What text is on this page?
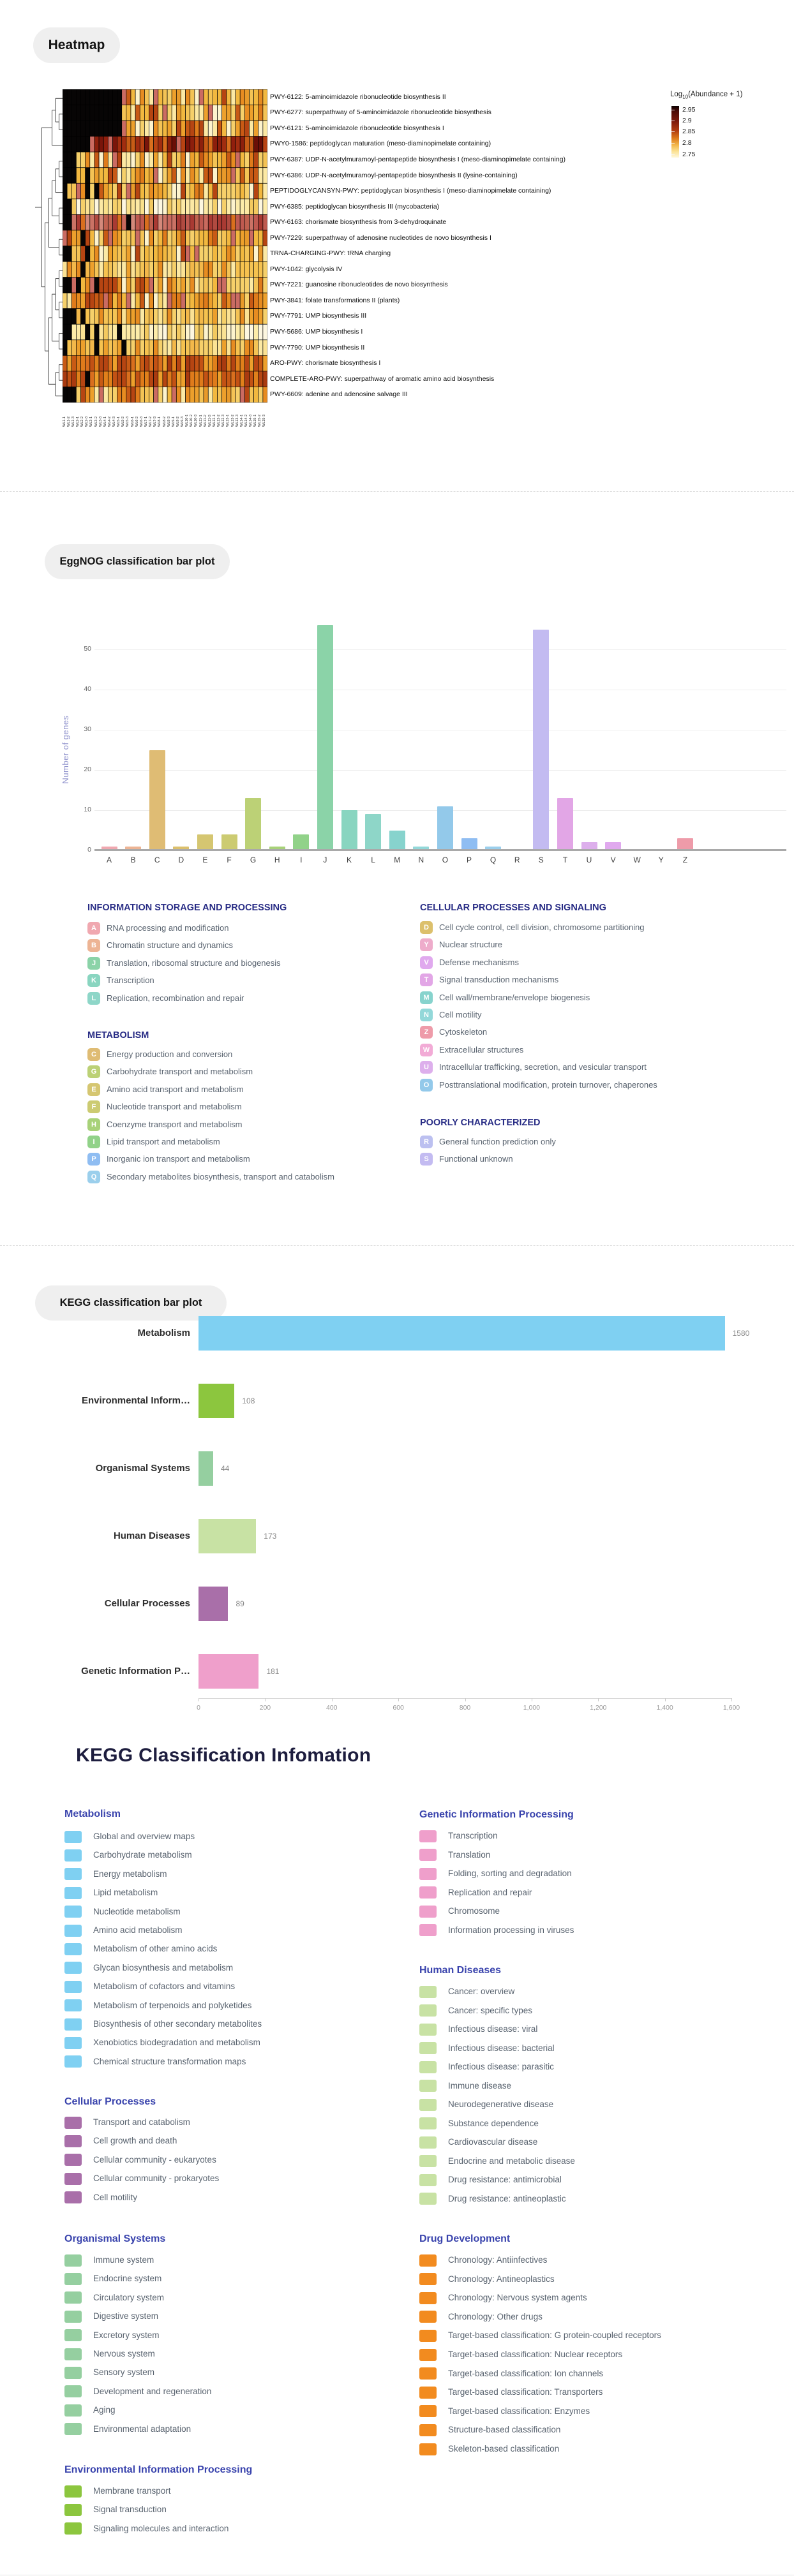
Heatmap
PWY-6122: 5-aminoimidazole ribonucleotide biosynthesis II
PWY-6277: superpathway of 5-aminoimidazole ribonucleotide biosynthesis
PWY-6121: 5-aminoimidazole ribonucleotide biosynthesis I
PWY0-1586: peptidoglycan maturation (meso-diaminopimelate containing)
PWY-6387: UDP-N-acetylmuramoyl-pentapeptide biosynthesis I (meso-diaminopimelate containing)
PWY-6386: UDP-N-acetylmuramoyl-pentapeptide biosynthesis II (lysine-containing)
PEPTIDOGLYCANSYN-PWY: peptidoglycan biosynthesis I (meso-diaminopimelate containing)
PWY-6385: peptidoglycan biosynthesis III (mycobacteria)
PWY-6163: chorismate biosynthesis from 3-dehydroquinate
PWY-7229: superpathway of adenosine nucleotides de novo biosynthesis I
TRNA-CHARGING-PWY: tRNA charging
PWY-1042: glycolysis IV
PWY-7221: guanosine ribonucleotides de novo biosynthesis
PWY-3841: folate transformations II (plants)
PWY-7791: UMP biosynthesis III
PWY-5686: UMP biosynthesis I
PWY-7790: UMP biosynthesis II
ARO-PWY: chorismate biosynthesis I
COMPLETE-ARO-PWY: superpathway of aromatic amino acid biosynthesis
PWY-6609: adenine and adenosine salvage III
WL1-1 WL1-2 WL1-3 WL2-1 WL2-2 WL2-3 WL3-1 WL3-2 WL3-3 WL4-1 WL4-2 WL4-3 WL5-1 WL5-2 WL5-3 WL6-1 WL6-2 WL6-3 WL7-1 WL7-2 WL7-3 WL8-1 WL8-2 WL8-3 WL9-1 WL9-2 WL9-3 WL10-1 WL10-2 WL10-3 WL11-1 WL11-2 WL11-3 WL12-1 WL12-2 WL12-3 WL13-1 WL13-2 WL13-3 WL14-1 WL14-2 WL14-3 WL15-1 WL15-2 WL15-3
Log$_{10}$(Abundance + 1)
2.95
2.9
2.85
2.8
2.75
EggNOG classification bar plot
Number of genes
0
10
20
30
40
50
A	B	C	D	E	F	G	H	I	J	K	L	M	N	O	P	Q	R	S	T	U	V	W	Y	Z
INFORMATION STORAGE AND PROCESSING
A	RNA processing and modification
B	Chromatin structure and dynamics
J	Translation, ribosomal structure and biogenesis
K	Transcription
L	Replication, recombination and repair
METABOLISM
C	Energy production and conversion
G	Carbohydrate transport and metabolism
E	Amino acid transport and metabolism
F	Nucleotide transport and metabolism
H	Coenzyme transport and metabolism
I	Lipid transport and metabolism
P	Inorganic ion transport and metabolism
Q	Secondary metabolites biosynthesis, transport and catabolism
CELLULAR PROCESSES AND SIGNALING
D	Cell cycle control, cell division, chromosome partitioning
Y	Nuclear structure
V	Defense mechanisms
T	Signal transduction mechanisms
M	Cell wall/membrane/envelope biogenesis
N	Cell motility
Z	Cytoskeleton
W	Extracellular structures
U	Intracellular trafficking, secretion, and vesicular transport
O	Posttranslational modification, protein turnover, chaperones
POORLY CHARACTERIZED
R	General function prediction only
S	Functional unknown
KEGG classification bar plot
Metabolism	1580
Environmental Inform…	108
Organismal Systems	44
Human Diseases	173
Cellular Processes	89
Genetic Information P…	181
0	200	400	600	800	1,000	1,200	1,400	1,600
KEGG Classification Infomation
Metabolism
Global and overview maps
Carbohydrate metabolism
Energy metabolism
Lipid metabolism
Nucleotide metabolism
Amino acid metabolism
Metabolism of other amino acids
Glycan biosynthesis and metabolism
Metabolism of cofactors and vitamins
Metabolism of terpenoids and polyketides
Biosynthesis of other secondary metabolites
Xenobiotics biodegradation and metabolism
Chemical structure transformation maps
Cellular Processes
Transport and catabolism
Cell growth and death
Cellular community - eukaryotes
Cellular community - prokaryotes
Cell motility
Organismal Systems
Immune system
Endocrine system
Circulatory system
Digestive system
Excretory system
Nervous system
Sensory system
Development and regeneration
Aging
Environmental adaptation
Environmental Information Processing
Membrane transport
Signal transduction
Signaling molecules and interaction
Genetic Information Processing
Transcription
Translation
Folding, sorting and degradation
Replication and repair
Chromosome
Information processing in viruses
Human Diseases
Cancer: overview
Cancer: specific types
Infectious disease: viral
Infectious disease: bacterial
Infectious disease: parasitic
Immune disease
Neurodegenerative disease
Substance dependence
Cardiovascular disease
Endocrine and metabolic disease
Drug resistance: antimicrobial
Drug resistance: antineoplastic
Drug Development
Chronology: Antiinfectives
Chronology: Antineoplastics
Chronology: Nervous system agents
Chronology: Other drugs
Target-based classification: G protein-coupled receptors
Target-based classification: Nuclear receptors
Target-based classification: Ion channels
Target-based classification: Transporters
Target-based classification: Enzymes
Structure-based classification
Skeleton-based classification
